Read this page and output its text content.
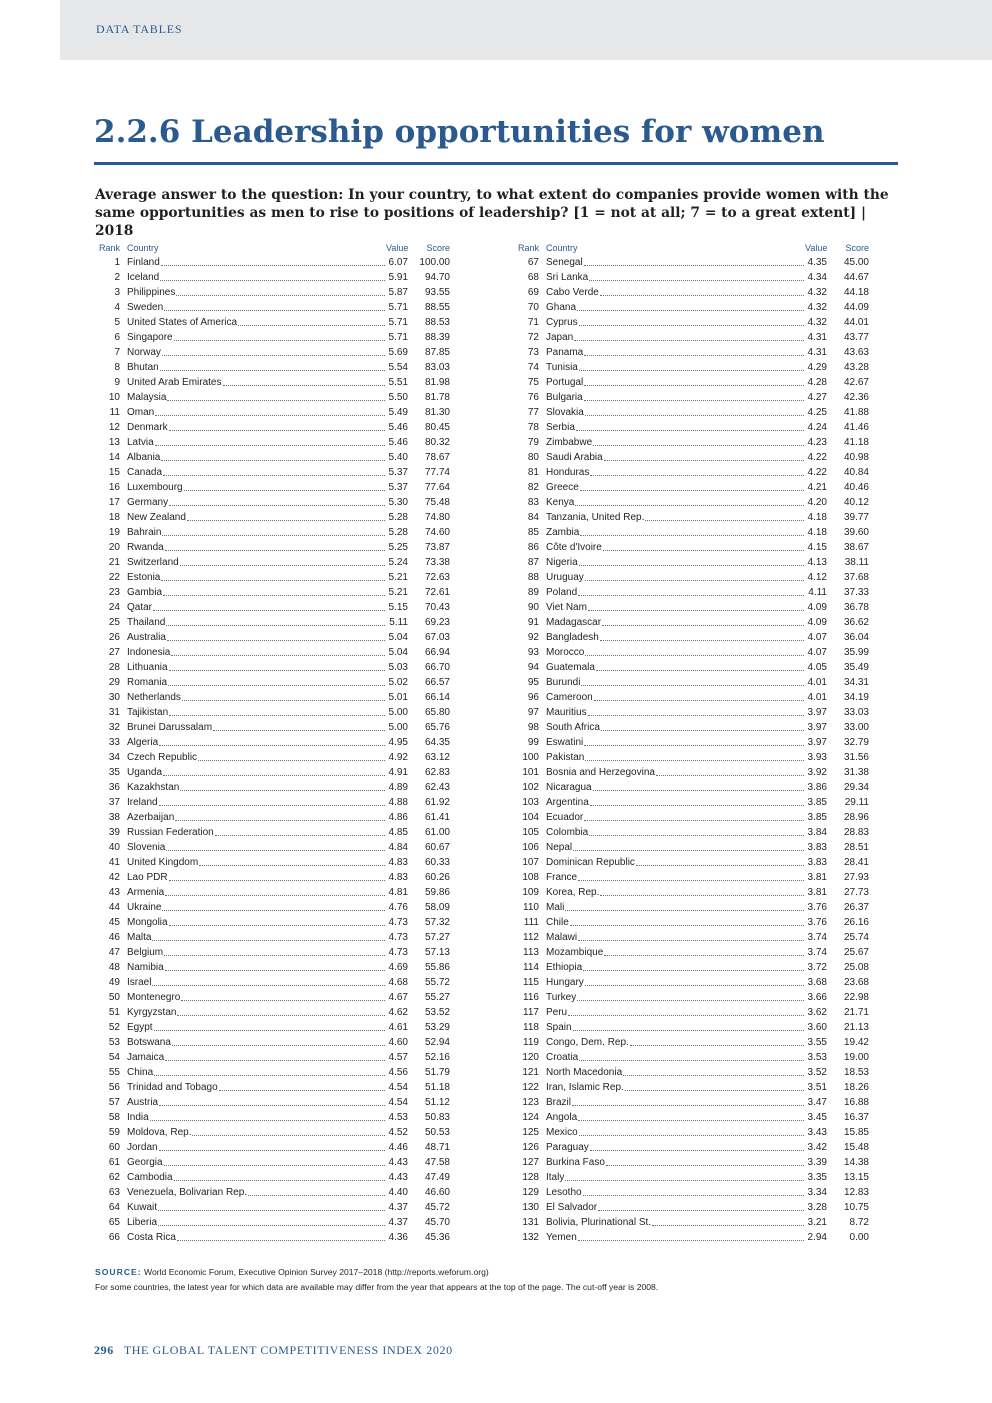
DATA TABLES
2.2.6 Leadership opportunities for women
Average answer to the question: In your country, to what extent do companies provide women with the same opportunities as men to rise to positions of leadership? [1 = not at all; 7 = to a great extent] | 2018
Rank Country	Value	Score
1 Finland	6.07	100.00
2 Iceland	5.91	94.70
3 Philippines	5.87	93.55
4 Sweden	5.71	88.55
5 United States of America	5.71	88.53
6 Singapore	5.71	88.39
7 Norway	5.69	87.85
8 Bhutan	5.54	83.03
9 United Arab Emirates	5.51	81.98
10 Malaysia	5.50	81.78
11 Oman	5.49	81.30
12 Denmark	5.46	80.45
13 Latvia	5.46	80.32
14 Albania	5.40	78.67
15 Canada	5.37	77.74
16 Luxembourg	5.37	77.64
17 Germany	5.30	75.48
18 New Zealand	5.28	74.80
19 Bahrain	5.28	74.60
20 Rwanda	5.25	73.87
21 Switzerland	5.24	73.38
22 Estonia	5.21	72.63
23 Gambia	5.21	72.61
24 Qatar	5.15	70.43
25 Thailand	5.11	69.23
26 Australia	5.04	67.03
27 Indonesia	5.04	66.94
28 Lithuania	5.03	66.70
29 Romania	5.02	66.57
30 Netherlands	5.01	66.14
31 Tajikistan	5.00	65.80
32 Brunei Darussalam	5.00	65.76
33 Algeria	4.95	64.35
34 Czech Republic	4.92	63.12
35 Uganda	4.91	62.83
36 Kazakhstan	4.89	62.43
37 Ireland	4.88	61.92
38 Azerbaijan	4.86	61.41
39 Russian Federation	4.85	61.00
40 Slovenia	4.84	60.67
41 United Kingdom	4.83	60.33
42 Lao PDR	4.83	60.26
43 Armenia	4.81	59.86
44 Ukraine	4.76	58.09
45 Mongolia	4.73	57.32
46 Malta	4.73	57.27
47 Belgium	4.73	57.13
48 Namibia	4.69	55.86
49 Israel	4.68	55.72
50 Montenegro	4.67	55.27
51 Kyrgyzstan	4.62	53.52
52 Egypt	4.61	53.29
53 Botswana	4.60	52.94
54 Jamaica	4.57	52.16
55 China	4.56	51.79
56 Trinidad and Tobago	4.54	51.18
57 Austria	4.54	51.12
58 India	4.53	50.83
59 Moldova, Rep.	4.52	50.53
60 Jordan	4.46	48.71
61 Georgia	4.43	47.58
62 Cambodia	4.43	47.49
63 Venezuela, Bolivarian Rep.	4.40	46.60
64 Kuwait	4.37	45.72
65 Liberia	4.37	45.70
66 Costa Rica	4.36	45.36
Rank Country	Value	Score
67 Senegal	4.35	45.00
68 Sri Lanka	4.34	44.67
69 Cabo Verde	4.32	44.18
70 Ghana	4.32	44.09
71 Cyprus	4.32	44.01
72 Japan	4.31	43.77
73 Panama	4.31	43.63
74 Tunisia	4.29	43.28
75 Portugal	4.28	42.67
76 Bulgaria	4.27	42.36
77 Slovakia	4.25	41.88
78 Serbia	4.24	41.46
79 Zimbabwe	4.23	41.18
80 Saudi Arabia	4.22	40.98
81 Honduras	4.22	40.84
82 Greece	4.21	40.46
83 Kenya	4.20	40.12
84 Tanzania, United Rep.	4.18	39.77
85 Zambia	4.18	39.60
86 Côte d'Ivoire	4.15	38.67
87 Nigeria	4.13	38.11
88 Uruguay	4.12	37.68
89 Poland	4.11	37.33
90 Viet Nam	4.09	36.78
91 Madagascar	4.09	36.62
92 Bangladesh	4.07	36.04
93 Morocco	4.07	35.99
94 Guatemala	4.05	35.49
95 Burundi	4.01	34.31
96 Cameroon	4.01	34.19
97 Mauritius	3.97	33.03
98 South Africa	3.97	33.00
99 Eswatini	3.97	32.79
100 Pakistan	3.93	31.56
101 Bosnia and Herzegovina	3.92	31.38
102 Nicaragua	3.86	29.34
103 Argentina	3.85	29.11
104 Ecuador	3.85	28.96
105 Colombia	3.84	28.83
106 Nepal	3.83	28.51
107 Dominican Republic	3.83	28.41
108 France	3.81	27.93
109 Korea, Rep.	3.81	27.73
110 Mali	3.76	26.37
111 Chile	3.76	26.16
112 Malawi	3.74	25.74
113 Mozambique	3.74	25.67
114 Ethiopia	3.72	25.08
115 Hungary	3.68	23.68
116 Turkey	3.66	22.98
117 Peru	3.62	21.71
118 Spain	3.60	21.13
119 Congo, Dem. Rep.	3.55	19.42
120 Croatia	3.53	19.00
121 North Macedonia	3.52	18.53
122 Iran, Islamic Rep.	3.51	18.26
123 Brazil	3.47	16.88
124 Angola	3.45	16.37
125 Mexico	3.43	15.85
126 Paraguay	3.42	15.48
127 Burkina Faso	3.39	14.38
128 Italy	3.35	13.15
129 Lesotho	3.34	12.83
130 El Salvador	3.28	10.75
131 Bolivia, Plurinational St.	3.21	8.72
132 Yemen	2.94	0.00
SOURCE: World Economic Forum, Executive Opinion Survey 2017–2018 (http://reports.weforum.org)
For some countries, the latest year for which data are available may differ from the year that appears at the top of the page. The cut-off year is 2008.
296 THE GLOBAL TALENT COMPETITIVENESS INDEX 2020
